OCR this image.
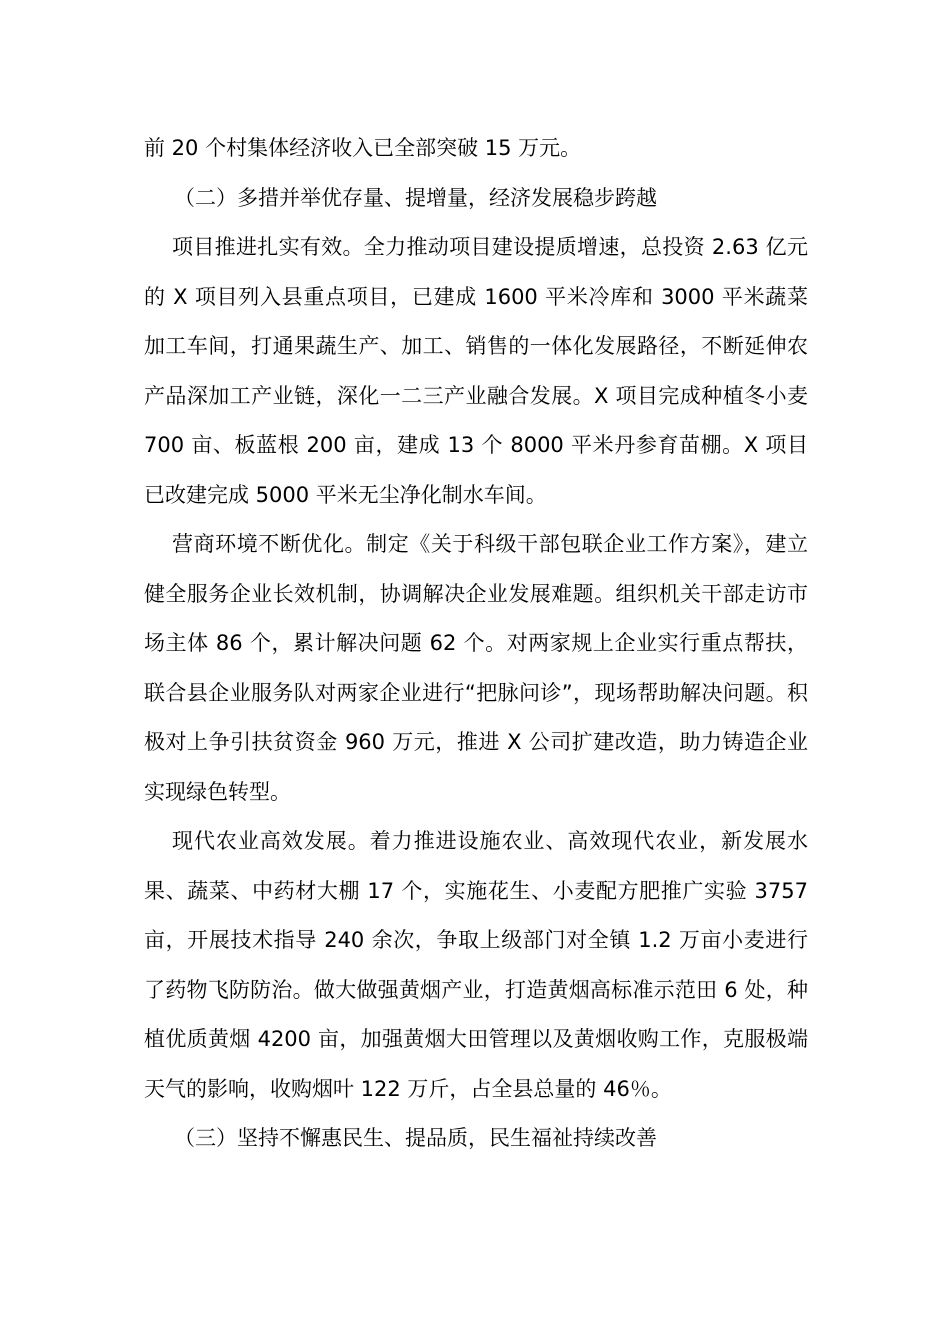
前 20 个村集体经济收入已全部突破 15 万元。

（二）多措并举优存量、提增量，经济发展稳步跨越

项目推进扎实有效。全力推动项目建设提质增速，总投资 2.63 亿元的 X 项目列入县重点项目，已建成 1600 平米冷库和 3000 平米蔬菜加工车间，打通果蔬生产、加工、销售的一体化发展路径，不断延伸农产品深加工产业链，深化一二三产业融合发展。X 项目完成种植冬小麦 700 亩、板蓝根 200 亩，建成 13 个 8000 平米丹参育苗棚。X 项目已改建完成 5000 平米无尘净化制水车间。

营商环境不断优化。制定《关于科级干部包联企业工作方案》，建立健全服务企业长效机制，协调解决企业发展难题。组织机关干部走访市场主体 86 个，累计解决问题 62 个。对两家规上企业实行重点帮扶，联合县企业服务队对两家企业进行“把脉问诊”，现场帮助解决问题。积极对上争引扶贫资金 960 万元，推进 X 公司扩建改造，助力铸造企业实现绿色转型。

现代农业高效发展。着力推进设施农业、高效现代农业，新发展水果、蔬菜、中药材大棚 17 个，实施花生、小麦配方肥推广实验 3757 亩，开展技术指导 240 余次，争取上级部门对全镇 1.2 万亩小麦进行了药物飞防防治。做大做强黄烟产业，打造黄烟高标准示范田 6 处，种植优质黄烟 4200 亩，加强黄烟大田管理以及黄烟收购工作，克服极端天气的影响，收购烟叶 122 万斤，占全县总量的 46％。

（三）坚持不懈惠民生、提品质，民生福祉持续改善
